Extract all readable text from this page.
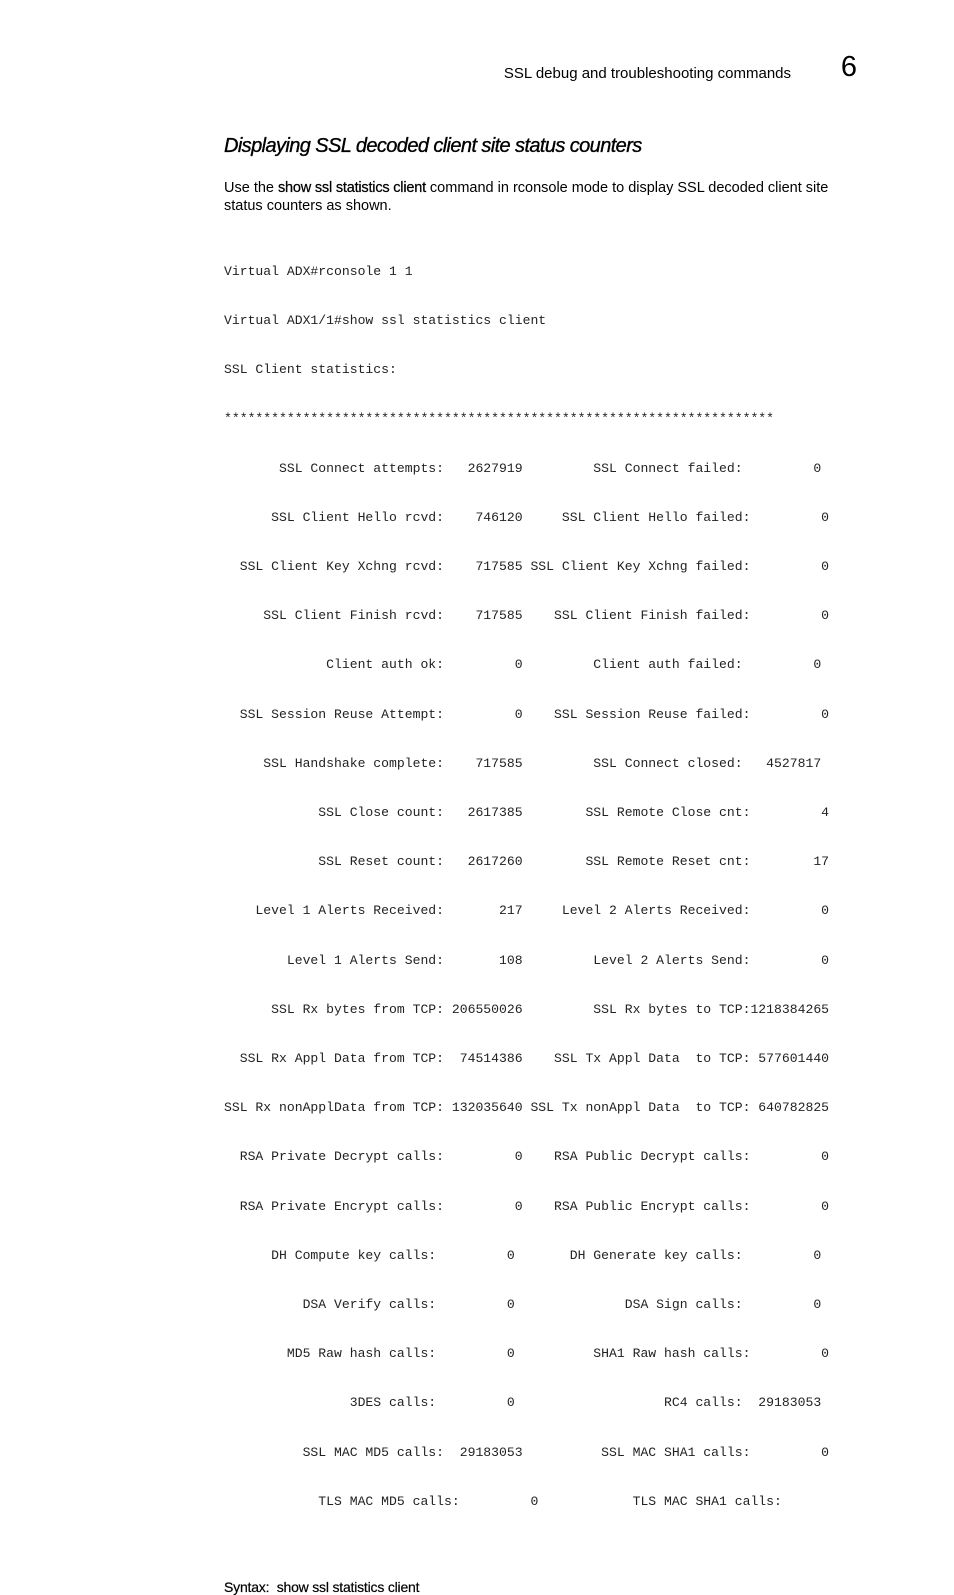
SSL debug and troubleshooting commands 6
Displaying SSL decoded client site status counters

Use the show ssl statistics client command in rconsole mode to display SSL decoded client site status counters as shown.

Virtual ADX#rconsole 1 1

Virtual ADX1/1#show ssl statistics client

SSL Client statistics:

**********************************************************************

SSL Connect attempts:   2627919         SSL Connect failed:         0

SSL Client Hello rcvd:    746120     SSL Client Hello failed:         0

SSL Client Key Xchng rcvd:    717585 SSL Client Key Xchng failed:         0

SSL Client Finish rcvd:    717585    SSL Client Finish failed:         0

Client auth ok:         0         Client auth failed:         0

SSL Session Reuse Attempt:         0    SSL Session Reuse failed:         0

SSL Handshake complete:    717585         SSL Connect closed:   4527817

SSL Close count:   2617385        SSL Remote Close cnt:         4

SSL Reset count:   2617260        SSL Remote Reset cnt:        17

Level 1 Alerts Received:       217     Level 2 Alerts Received:         0

Level 1 Alerts Send:       108         Level 2 Alerts Send:         0

SSL Rx bytes from TCP: 206550026         SSL Rx bytes to TCP:1218384265

SSL Rx Appl Data from TCP:  74514386    SSL Tx Appl Data  to TCP: 577601440

SSL Rx nonApplData from TCP: 132035640 SSL Tx nonAppl Data  to TCP: 640782825

RSA Private Decrypt calls:         0    RSA Public Decrypt calls:         0

RSA Private Encrypt calls:         0    RSA Public Encrypt calls:         0

DH Compute key calls:         0       DH Generate key calls:         0

DSA Verify calls:         0              DSA Sign calls:         0

MD5 Raw hash calls:         0          SHA1 Raw hash calls:         0

3DES calls:         0                   RC4 calls:  29183053

SSL MAC MD5 calls:  29183053          SSL MAC SHA1 calls:         0

TLS MAC MD5 calls:         0            TLS MAC SHA1 calls:

Syntax: show ssl statistics client
